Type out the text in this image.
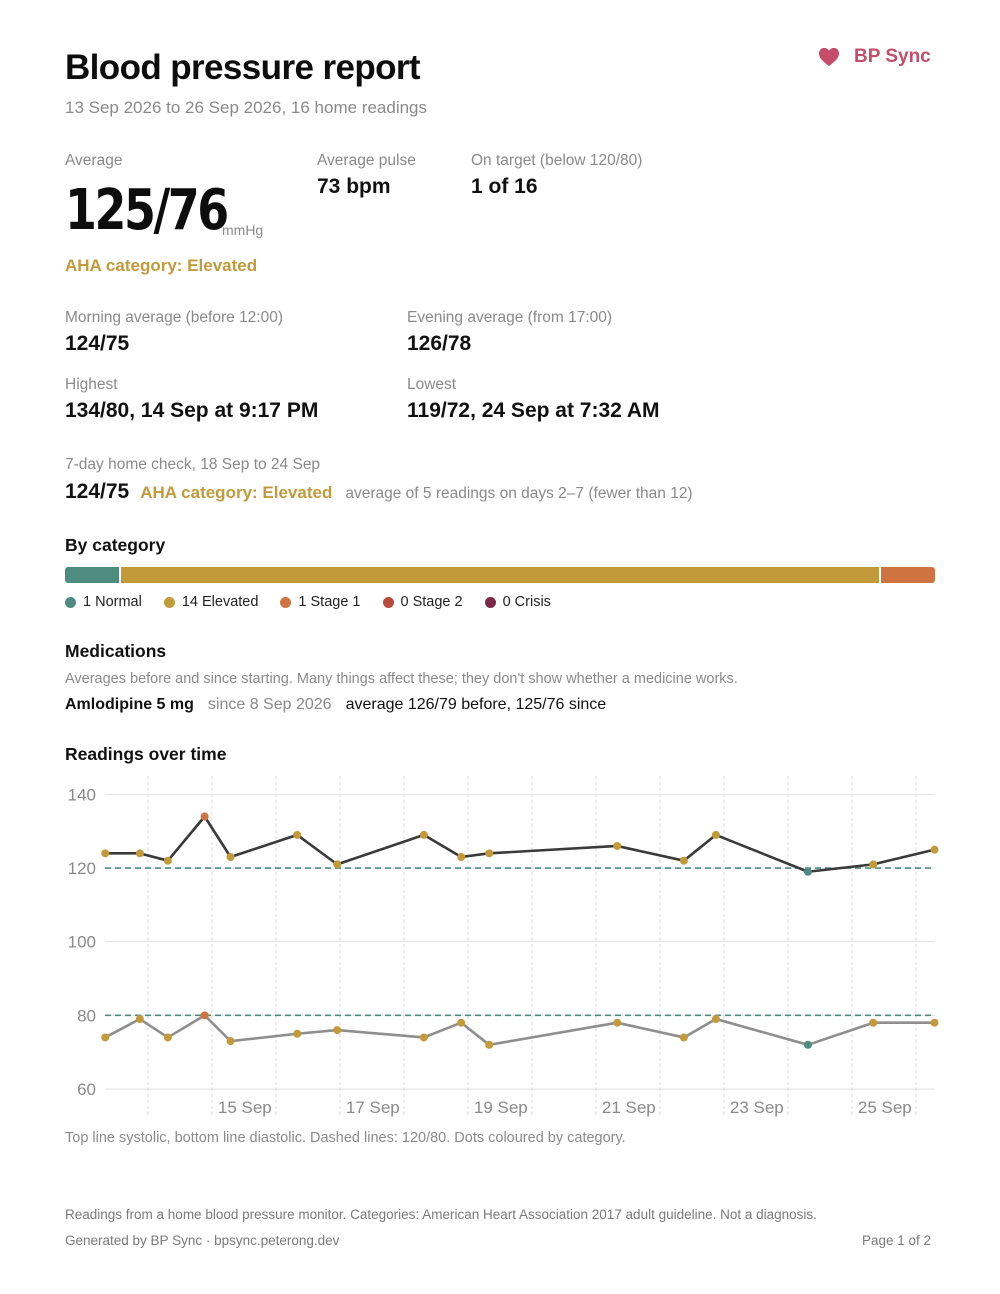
Blood pressure report
13 Sep 2026 to 26 Sep 2026, 16 home readings
BP Sync
Average
125/76
mmHg
AHA category: Elevated
Average pulse
73 bpm
On target (below 120/80)
1 of 16
Morning average (before 12:00)
124/75
Evening average (from 17:00)
126/78
Highest
134/80, 14 Sep at 9:17 PM
Lowest
119/72, 24 Sep at 7:32 AM
7-day home check, 18 Sep to 24 Sep
124/75 AHA category: Elevated average of 5 readings on days 2–7 (fewer than 12)
By category
1 Normal	14 Elevated	1 Stage 1	0 Stage 2	0 Crisis
Medications
Averages before and since starting. Many things affect these; they don't show whether a medicine works.
Amlodipine 5 mg since 8 Sep 2026 average 126/79 before, 125/76 since
Readings over time
60
80
100
120
140
15 Sep	17 Sep	19 Sep	21 Sep	23 Sep	25 Sep
Top line systolic, bottom line diastolic. Dashed lines: 120/80. Dots coloured by category.
Readings from a home blood pressure monitor. Categories: American Heart Association 2017 adult guideline. Not a diagnosis.
Generated by BP Sync · bpsync.peterong.dev	Page 1 of 2
